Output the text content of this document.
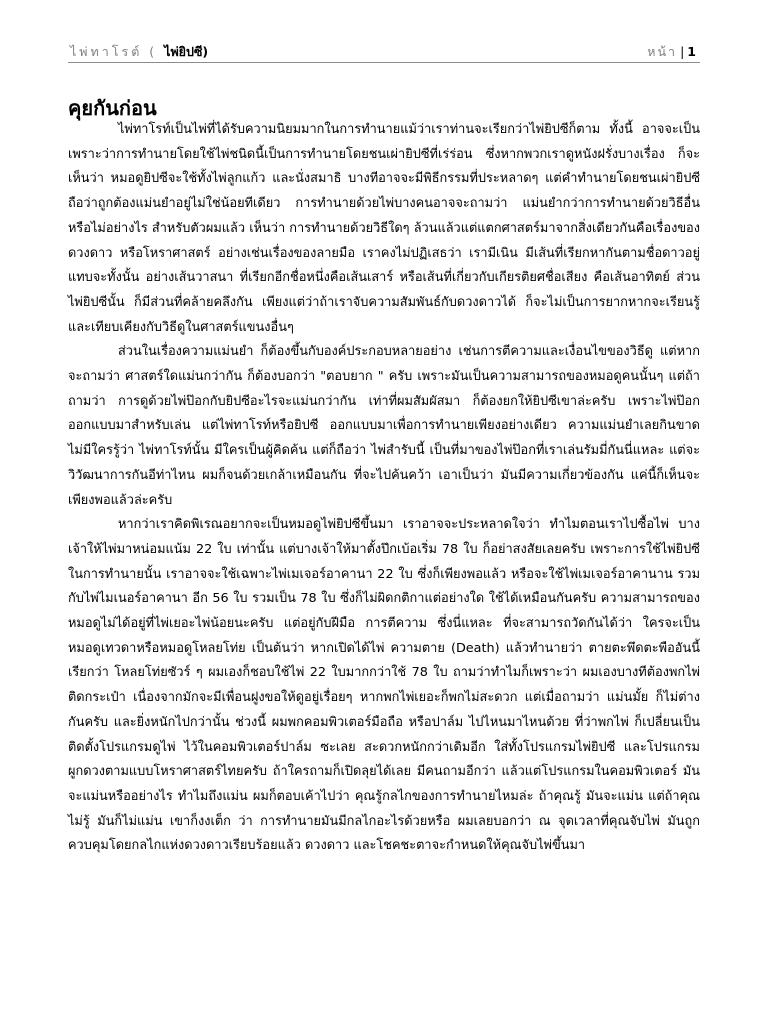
ไพ่ทาโรต์ ( ไพ่ยิปซี)	หน้า | 1
คุยกันก่อน

ไพ่ทาโรท์เป็นไพ่ที่ได้รับความนิยมมากในการทำนายแม้ว่าเราท่านจะเรียกว่าไพ่ยิปซีก็ตาม ทั้งนี้ อาจจะเป็นเพราะว่าการทำนายโดยใช้ไพ่ชนิดนี้เป็นการทำนายโดยชนเผ่ายิปซีที่เร่ร่อน ซึ่งหากพวกเราดูหนังฝรั่งบางเรื่อง ก็จะเห็นว่า หมอดูยิปซีจะใช้ทั้งไพ่ลูกแก้ว และนั่งสมาธิ บางทีอาจจะมีพิธีกรรมที่ประหลาดๆ แต่คำทำนายโดยชนเผ่ายิปซี ถือว่าถูกต้องแม่นยำอยู่ไม่ใช่น้อยทีเดียว การทำนายด้วยไพ่บางคนอาจจะถามว่า แม่นยำกว่าการทำนายด้วยวิธีอื่นหรือไม่อย่างไร สำหรับตัวผมแล้ว เห็นว่า การทำนายด้วยวิธีใดๆ ล้วนแล้วแต่แตกศาสตร์มาจากสิ่งเดียวกันคือเรื่องของดวงดาว หรือโหราศาสตร์ อย่างเช่นเรื่องของลายมือ เราคงไม่ปฏิเสธว่า เรามีเนิน มีเส้นที่เรียกหากันตามชื่อดาวอยู่แทบจะทั้งนั้น อย่างเส้นวาสนา ที่เรียกอีกชื่อหนึ่งคือเส้นเสาร์ หรือเส้นที่เกี่ยวกับเกียรติยศชื่อเสียง คือเส้นอาทิตย์ ส่วนไพ่ยิปซีนั้น ก็มีส่วนที่คล้ายคลึงกัน เพียงแต่ว่าถ้าเราจับความสัมพันธ์กับดวงดาวได้ ก็จะไม่เป็นการยากหากจะเรียนรู้และเทียบเคียงกับวิธีดูในศาสตร์แขนงอื่นๆ

ส่วนในเรื่องความแม่นยำ ก็ต้องขึ้นกับองค์ประกอบหลายอย่าง เช่นการตีความและเงื่อนไขของวิธีดู แต่หากจะถามว่า ศาสตร์ใดแม่นกว่ากัน ก็ต้องบอกว่า "ตอบยาก " ครับ เพราะมันเป็นความสามารถของหมอดูคนนั้นๆ แต่ถ้าถามว่า การดูด้วยไพ่ป๊อกกับยิปซีอะไรจะแม่นกว่ากัน เท่าที่ผมสัมผัสมา ก็ต้องยกให้ยิปซีเขาล่ะครับ เพราะไพ่ป๊อกออกแบบมาสำหรับเล่น แต่ไพ่ทาโรท์หรือยิปซี ออกแบบมาเพื่อการทำนายเพียงอย่างเดียว ความแม่นยำเลยกินขาด ไม่มีใครรู้ว่า ไพ่ทาโรท์นั้น มีใครเป็นผู้คิดค้น แต่ก็ถือว่า ไพ่สำรับนี้ เป็นที่มาของไพ่ป๊อกที่เราเล่นรัมมี่กันนี่แหละ แต่จะวิวัฒนาการกันอีท่าไหน ผมก็จนด้วยเกล้าเหมือนกัน ที่จะไปค้นคว้า เอาเป็นว่า มันมีความเกี่ยวข้องกัน แค่นี้ก็เห็นจะเพียงพอแล้วล่ะครับ

หากว่าเราคิดพิเรณอยากจะเป็นหมอดูไพ่ยิปซีขึ้นมา เราอาจจะประหลาดใจว่า ทำไมตอนเราไปซื้อไพ่ บางเจ้าให้ไพ่มาหน่อมแน้ม 22 ใบ เท่านั้น แต่บางเจ้าให้มาตั้งปึกเบ้อเริ่ม 78 ใบ ก็อย่าสงสัยเลยครับ เพราะการใช้ไพ่ยิปซีในการทำนายนั้น เราอาจจะใช้เฉพาะไพ่เมเจอร์อาคานา 22 ใบ ซึ่งก็เพียงพอแล้ว หรือจะใช้ไพ่เมเจอร์อาคานาน รวมกับไพ่ไมเนอร์อาคานา อีก 56 ใบ รวมเป็น 78 ใบ ซึ่งก็ไม่ผิดกติกาแต่อย่างใด ใช้ได้เหมือนกันครับ ความสามารถของหมอดูไม่ได้อยู่ที่ไพ่เยอะไพ่น้อยนะครับ แต่อยู่กับฝีมือ การตีความ ซึ่งนี่แหละ ที่จะสามารถวัดกันได้ว่า ใครจะเป็นหมอดูเทวดาหรือหมอดูโหลยโท่ย เป็นต้นว่า หากเปิดได้ไพ่ ความตาย (Death) แล้วทำนายว่า ตายตะพึดตะพืออันนี้เรียกว่า โหลยโท่ยซัวร์ ๆ ผมเองก็ชอบใช้ไพ่ 22 ใบมากกว่าใช้ 78 ใบ ถามว่าทำไมก็เพราะว่า ผมเองบางทีต้องพกไพ่ติดกระเป๋า เนื่องจากมักจะมีเพื่อนฝูงขอให้ดูอยู่เรื่อยๆ หากพกไพ่เยอะก็พกไม่สะดวก แต่เมื่อถามว่า แม่นมั้ย ก็ไม่ต่างกันครับ และยิ่งหนักไปกว่านั้น ช่วงนี้ ผมพกคอมพิวเตอร์มือถือ หรือปาล์ม ไปไหนมาไหนด้วย ที่ว่าพกไพ่ ก็เปลี่ยนเป็น ติดตั้งโปรแกรมดูไพ่ ไว้ในคอมพิวเตอร์ปาล์ม ซะเลย สะดวกหนักกว่าเดิมอีก ใส่ทั้งโปรแกรมไพ่ยิปซี และโปรแกรมผูกดวงตามแบบโหราศาสตร์ไทยครับ ถ้าใครถามก็เปิดลุยได้เลย มีคนถามอีกว่า แล้วแต่โปรแกรมในคอมพิวเตอร์ มันจะแม่นหรืออย่างไร ทำไมถึงแม่น ผมก็ตอบเค้าไปว่า คุณรู้กลไกของการทำนายไหมล่ะ ถ้าคุณรู้ มันจะแม่น แต่ถ้าคุณไม่รู้ มันก็ไม่แม่น เขาก็งงเต็ก ว่า การทำนายมันมีกลไกอะไรด้วยหรือ ผมเลยบอกว่า ณ จุดเวลาที่คุณจับไพ่ มันถูกควบคุมโดยกลไกแห่งดวงดาวเรียบร้อยแล้ว ดวงดาว และโชคชะตาจะกำหนดให้คุณจับไพ่ขึ้นมา
